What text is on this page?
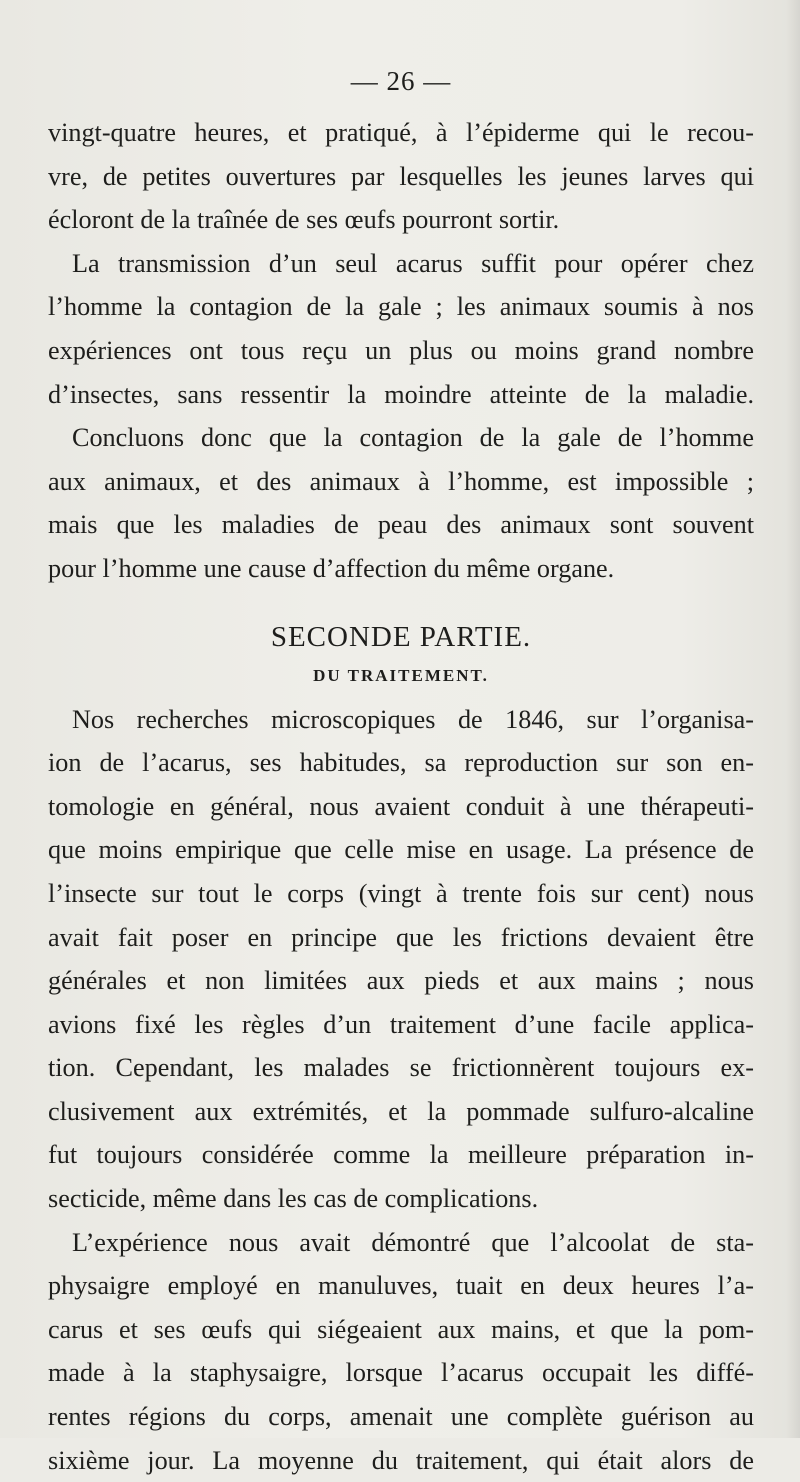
— 26 —

vingt-quatre heures, et pratiqué, à l’épiderme qui le recou-
vre, de petites ouvertures par lesquelles les jeunes larves qui
écloront de la traînée de ses œufs pourront sortir.

La transmission d’un seul acarus suffit pour opérer chez
l’homme la contagion de la gale ; les animaux soumis à nos
expériences ont tous reçu un plus ou moins grand nombre
d’insectes, sans ressentir la moindre atteinte de la maladie.

Concluons donc que la contagion de la gale de l’homme
aux animaux, et des animaux à l’homme, est impossible ;
mais que les maladies de peau des animaux sont souvent
pour l’homme une cause d’affection du même organe.

SECONDE PARTIE.
DU TRAITEMENT.

Nos recherches microscopiques de 1846, sur l’organisa-
ion de l’acarus, ses habitudes, sa reproduction sur son en-
tomologie en général, nous avaient conduit à une thérapeuti-
que moins empirique que celle mise en usage. La présence de
l’insecte sur tout le corps (vingt à trente fois sur cent) nous
avait fait poser en principe que les frictions devaient être
générales et non limitées aux pieds et aux mains ; nous
avions fixé les règles d’un traitement d’une facile applica-
tion. Cependant, les malades se frictionnèrent toujours ex-
clusivement aux extrémités, et la pommade sulfuro-alcaline
fut toujours considérée comme la meilleure préparation in-
secticide, même dans les cas de complications.

L’expérience nous avait démontré que l’alcoolat de sta-
physaigre employé en manuluves, tuait en deux heures l’a-
carus et ses œufs qui siégeaient aux mains, et que la pom-
made à la staphysaigre, lorsque l’acarus occupait les diffé-
rentes régions du corps, amenait une complète guérison au
sixième jour. La moyenne du traitement, qui était alors de
